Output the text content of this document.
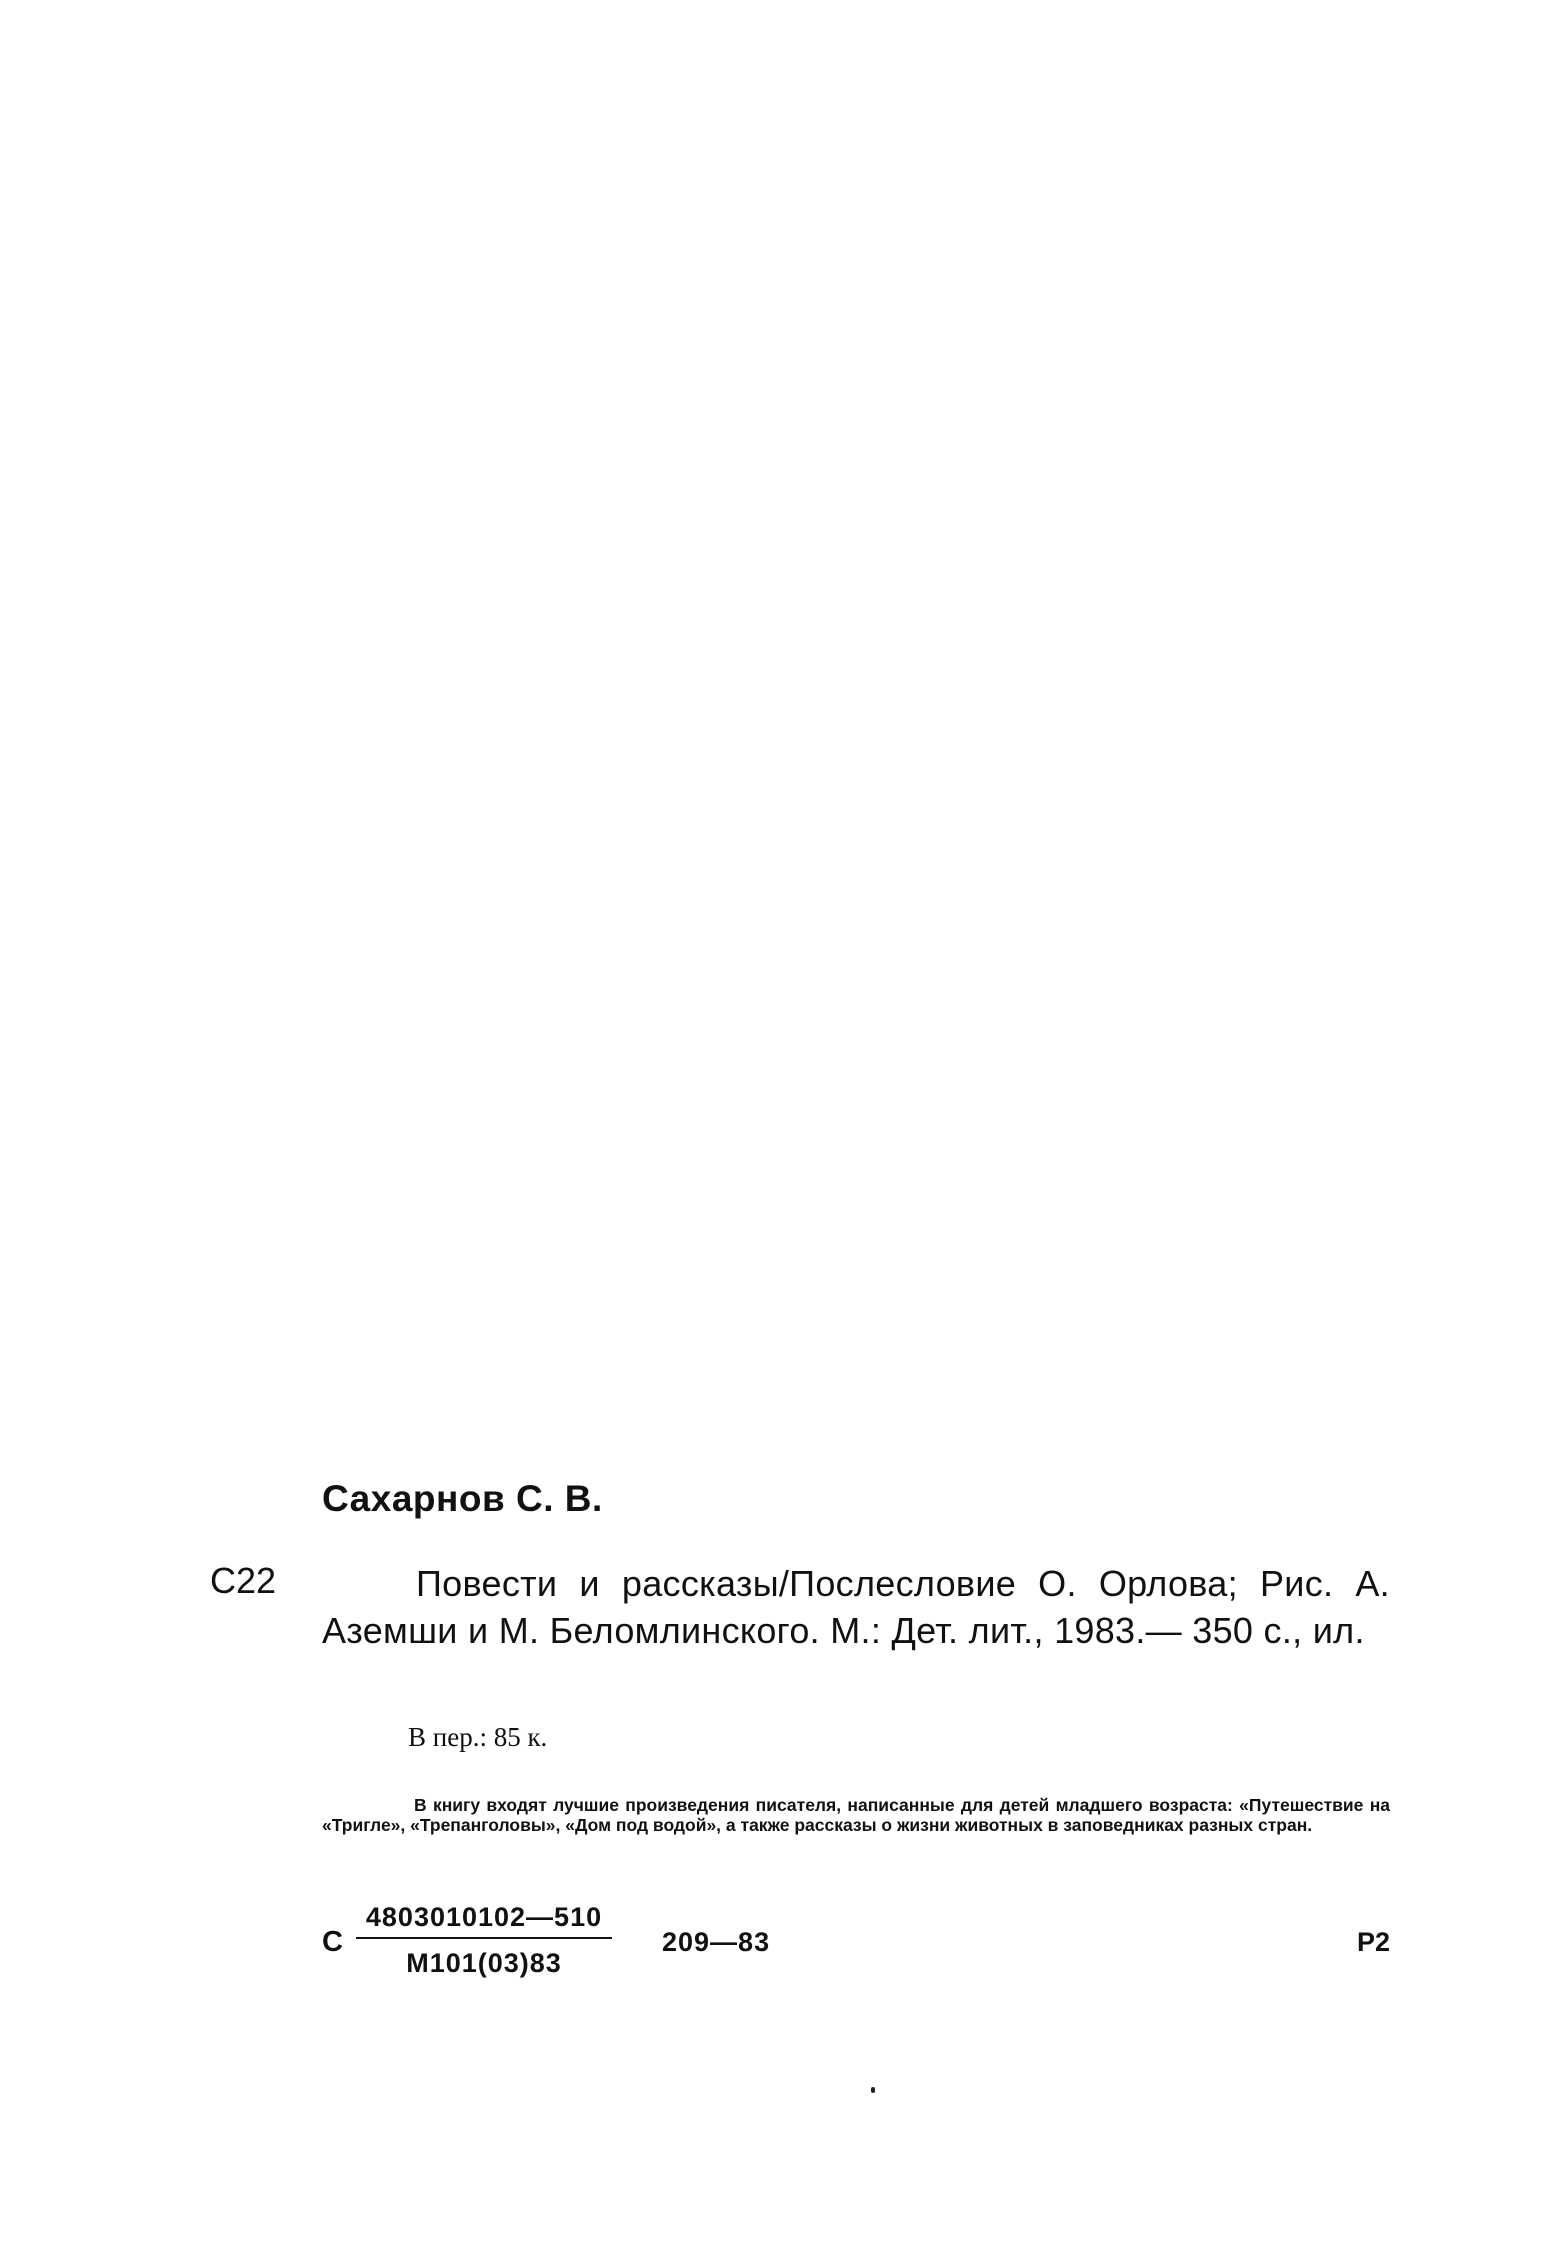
Сахарнов С. В.
С22	Повести и рассказы/Послесловие О. Орлова; Рис. А. Аземши и М. Беломлинского. М.: Дет. лит., 1983.— 350 с., ил.
В пер.: 85 к.
В книгу входят лучшие произведения писателя, написанные для детей младшего возраста: «Путешествие на «Тригле», «Трепанголовы», «Дом под водой», а также рассказы о жизни животных в заповедниках разных стран.
С
4803010102—510
М101(03)83
209—83	Р2
